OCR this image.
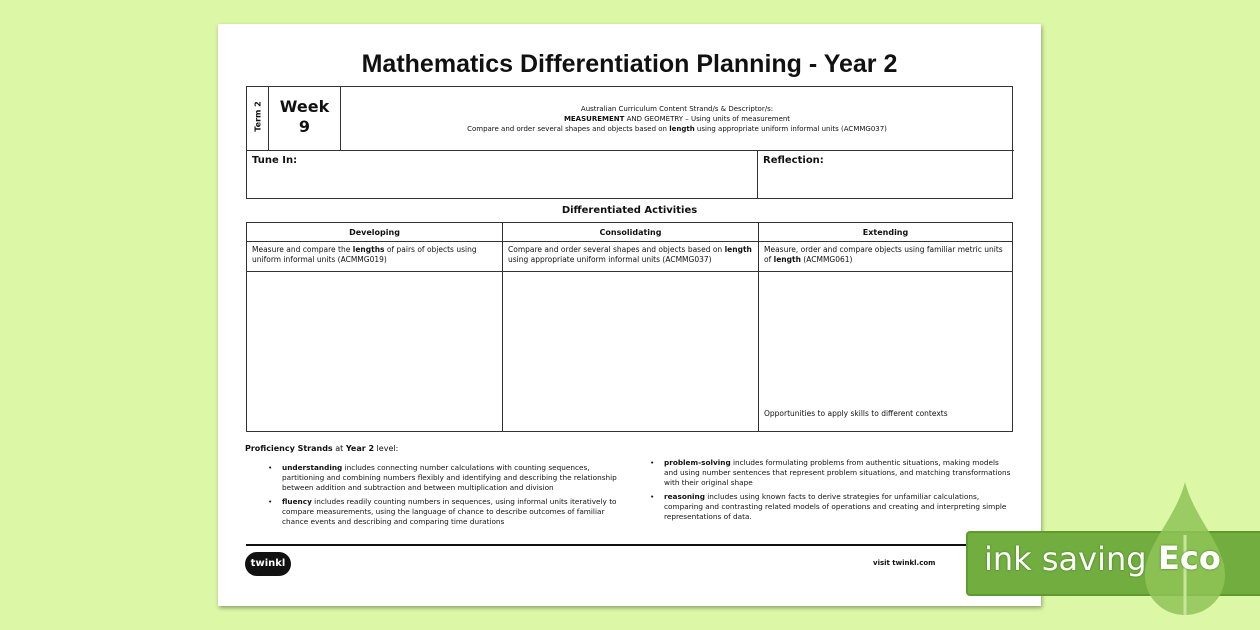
Mathematics Differentiation Planning - Year 2
Term 2	Week
9
Australian Curriculum Content Strand/s & Descriptor/s:
MEASUREMENT AND GEOMETRY – Using units of measurement
Compare and order several shapes and objects based on length using appropriate uniform informal units (ACMMG037)
Tune In:	Reflection:
Differentiated Activities
Developing	Consolidating	Extending
Measure and compare the lengths of pairs of objects using uniform informal units (ACMMG019)	Compare and order several shapes and objects based on length using appropriate uniform informal units (ACMMG037)	Measure, order and compare objects using familiar metric units of length (ACMMG061)
		Opportunities to apply skills to different contexts
Proficiency Strands at Year 2 level:
• understanding includes connecting number calculations with counting sequences, partitioning and combining numbers flexibly and identifying and describing the relationship between addition and subtraction and between multiplication and division
• fluency includes readily counting numbers in sequences, using informal units iteratively to compare measurements, using the language of chance to describe outcomes of familiar chance events and describing and comparing time durations
• problem-solving includes formulating problems from authentic situations, making models and using number sentences that represent problem situations, and matching transformations with their original shape
• reasoning includes using known facts to derive strategies for unfamiliar calculations, comparing and contrasting related models of operations and creating and interpreting simple representations of data.
twinkl	visit twinkl.com ink saving Eco
